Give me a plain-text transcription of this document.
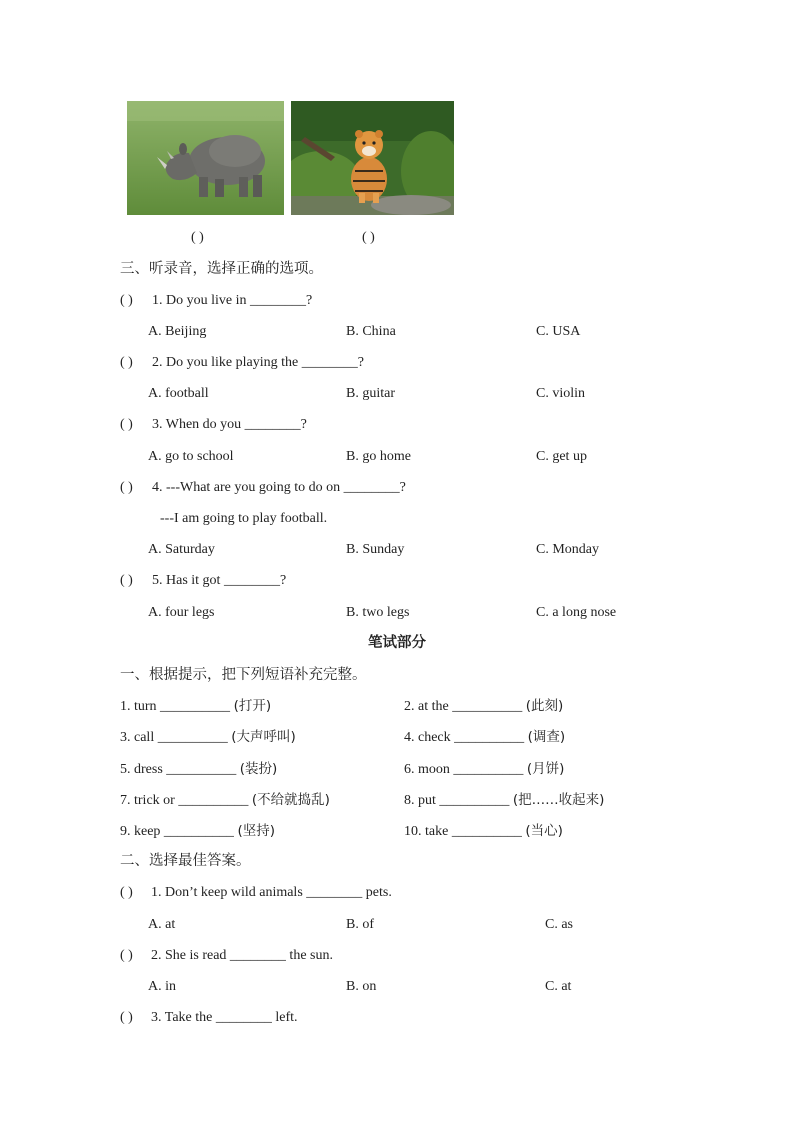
( )	( )
三、听录音，选择正确的选项。
( ) 1. Do you live in ________?
A. Beijing	B. China	C. USA
( ) 2. Do you like playing the ________?
A. football	B. guitar	C. violin
( ) 3. When do you ________?
A. go to school	B. go home	C. get up
( ) 4. ---What are you going to do on ________?
---I am going to play football.
A. Saturday	B. Sunday	C. Monday
( ) 5. Has it got ________?
A. four legs	B. two legs	C. a long nose
笔试部分
一、根据提示，把下列短语补充完整。
1. turn __________ (打开)	2. at the __________ (此刻)
3. call __________ (大声呼叫)	4. check __________ (调查)
5. dress __________ (装扮)	6. moon __________ (月饼)
7. trick or __________ (不给就捣乱)	8. put __________ (把……收起来)
9. keep __________ (坚持)	10. take __________ (当心)
二、选择最佳答案。
( ) 1. Don’t keep wild animals ________ pets.
A. at	B. of	C. as
( ) 2. She is read ________ the sun.
A. in	B. on	C. at
( ) 3. Take the ________ left.
